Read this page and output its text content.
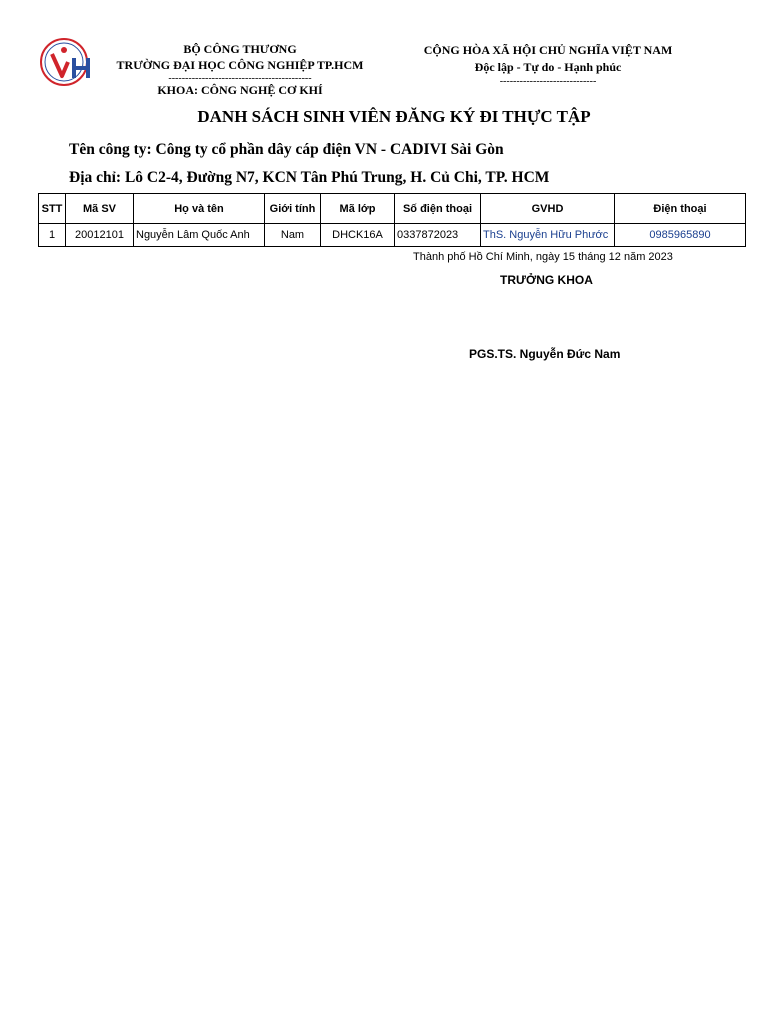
BỘ CÔNG THƯƠNG
TRƯỜNG ĐẠI HỌC CÔNG NGHIỆP TP.HCM
-------------------------------------------
KHOA: CÔNG NGHỆ CƠ KHÍ
CỘNG HÒA XÃ HỘI CHỦ NGHĨA VIỆT NAM
Độc lập - Tự do - Hạnh phúc
-----------------------------
DANH SÁCH SINH VIÊN ĐĂNG KÝ ĐI THỰC TẬP
Tên công ty: Công ty cổ phần dây cáp điện VN - CADIVI Sài Gòn
Địa chỉ: Lô C2-4, Đường N7, KCN Tân Phú Trung, H. Củ Chi, TP. HCM
STT	Mã SV	Họ và tên	Giới tính	Mã lớp	Số điện thoại	GVHD	Điện thoại
1	20012101	Nguyễn Lâm Quốc Anh	Nam	DHCK16A	0337872023	ThS. Nguyễn Hữu Phước	0985965890
Thành phố Hồ Chí Minh, ngày 15 tháng 12 năm 2023
TRƯỞNG KHOA
PGS.TS. Nguyễn Đức Nam
